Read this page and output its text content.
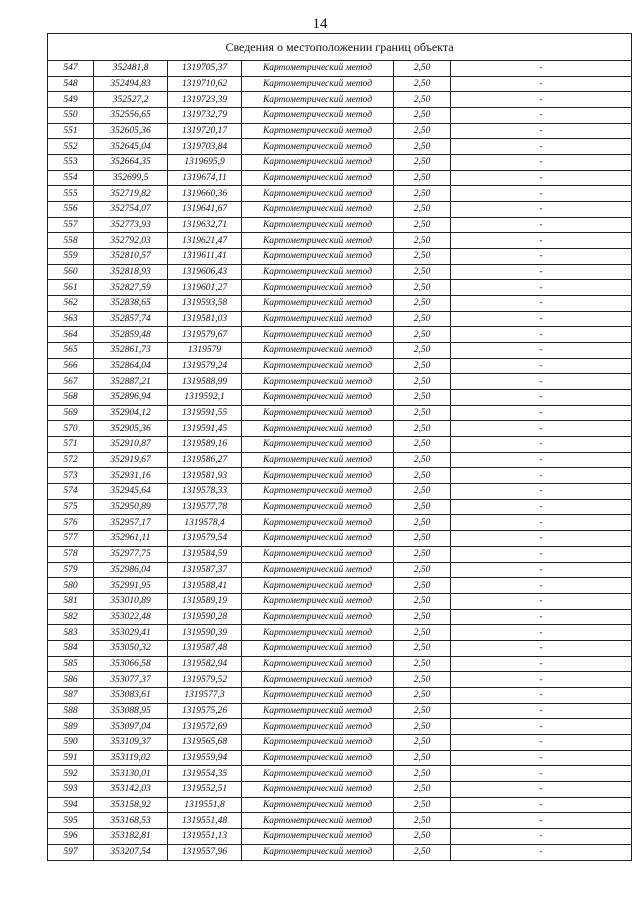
14
Сведения о местоположении границ объекта					
547	352481,8	1319705,37	Картометрический метод	2,50	-
548	352494,83	1319710,62	Картометрический метод	2,50	-
549	352527,2	1319723,39	Картометрический метод	2,50	-
550	352556,65	1319732,79	Картометрический метод	2,50	-
551	352605,36	1319720,17	Картометрический метод	2,50	-
552	352645,04	1319703,84	Картометрический метод	2,50	-
553	352664,35	1319695,9	Картометрический метод	2,50	-
554	352699,5	1319674,11	Картометрический метод	2,50	-
555	352719,82	1319660,36	Картометрический метод	2,50	-
556	352754,07	1319641,67	Картометрический метод	2,50	-
557	352773,93	1319632,71	Картометрический метод	2,50	-
558	352792,03	1319621,47	Картометрический метод	2,50	-
559	352810,57	1319611,41	Картометрический метод	2,50	-
560	352818,93	1319606,43	Картометрический метод	2,50	-
561	352827,59	1319601,27	Картометрический метод	2,50	-
562	352838,65	1319593,58	Картометрический метод	2,50	-
563	352857,74	1319581,03	Картометрический метод	2,50	-
564	352859,48	1319579,67	Картометрический метод	2,50	-
565	352861,73	1319579	Картометрический метод	2,50	-
566	352864,04	1319579,24	Картометрический метод	2,50	-
567	352887,21	1319588,99	Картометрический метод	2,50	-
568	352896,94	1319592,1	Картометрический метод	2,50	-
569	352904,12	1319591,55	Картометрический метод	2,50	-
570	352905,36	1319591,45	Картометрический метод	2,50	-
571	352910,87	1319589,16	Картометрический метод	2,50	-
572	352919,67	1319586,27	Картометрический метод	2,50	-
573	352931,16	1319581,93	Картометрический метод	2,50	-
574	352945,64	1319578,33	Картометрический метод	2,50	-
575	352950,89	1319577,78	Картометрический метод	2,50	-
576	352957,17	1319578,4	Картометрический метод	2,50	-
577	352961,11	1319579,54	Картометрический метод	2,50	-
578	352977,75	1319584,59	Картометрический метод	2,50	-
579	352986,04	1319587,37	Картометрический метод	2,50	-
580	352991,95	1319588,41	Картометрический метод	2,50	-
581	353010,89	1319589,19	Картометрический метод	2,50	-
582	353022,48	1319590,28	Картометрический метод	2,50	-
583	353029,41	1319590,39	Картометрический метод	2,50	-
584	353050,32	1319587,48	Картометрический метод	2,50	-
585	353066,58	1319582,94	Картометрический метод	2,50	-
586	353077,37	1319579,52	Картометрический метод	2,50	-
587	353083,61	1319577,3	Картометрический метод	2,50	-
588	353088,95	1319575,26	Картометрический метод	2,50	-
589	353097,04	1319572,69	Картометрический метод	2,50	-
590	353109,37	1319565,68	Картометрический метод	2,50	-
591	353119,02	1319559,94	Картометрический метод	2,50	-
592	353130,01	1319554,35	Картометрический метод	2,50	-
593	353142,03	1319552,51	Картометрический метод	2,50	-
594	353158,92	1319551,8	Картометрический метод	2,50	-
595	353168,53	1319551,48	Картометрический метод	2,50	-
596	353182,81	1319551,13	Картометрический метод	2,50	-
597	353207,54	1319557,96	Картометрический метод	2,50	-
